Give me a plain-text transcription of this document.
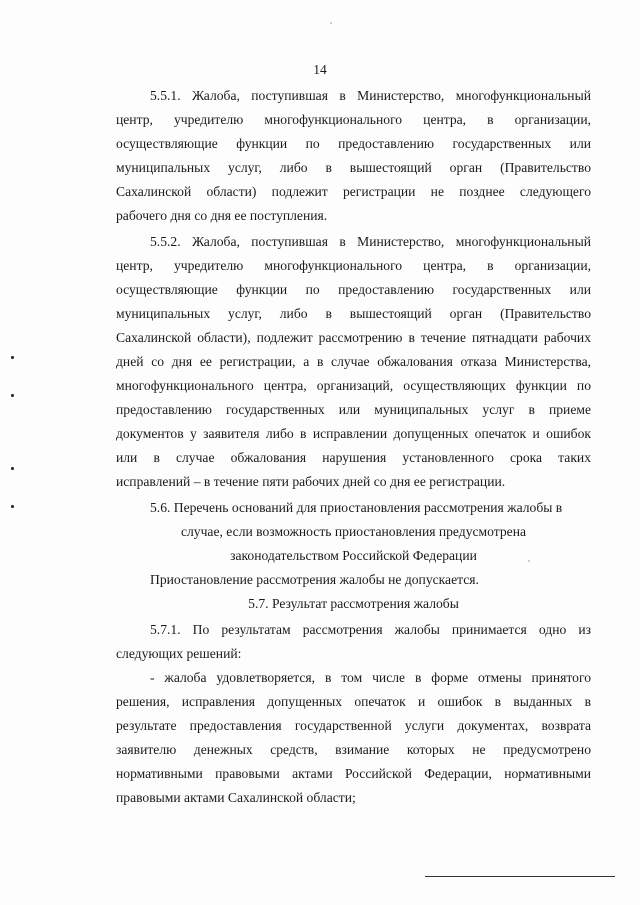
14
5.5.1. Жалоба, поступившая в Министерство, многофункциональный
центр, учредителю многофункционального центра, в организации,
осуществляющие функции по предоставлению государственных или
муниципальных услуг, либо в вышестоящий орган (Правительство
Сахалинской области) подлежит регистрации не позднее следующего
рабочего дня со дня ее поступления.
5.5.2. Жалоба, поступившая в Министерство, многофункциональный
центр, учредителю многофункционального центра, в организации,
осуществляющие функции по предоставлению государственных или
муниципальных услуг, либо в вышестоящий орган (Правительство
Сахалинской области), подлежит рассмотрению в течение пятнадцати рабочих
дней со дня ее регистрации, а в случае обжалования отказа Министерства,
многофункционального центра, организаций, осуществляющих функции по
предоставлению государственных или муниципальных услуг в приеме
документов у заявителя либо в исправлении допущенных опечаток и ошибок
или в случае обжалования нарушения установленного срока таких
исправлений – в течение пяти рабочих дней со дня ее регистрации.
5.6. Перечень оснований для приостановления рассмотрения жалобы в
случае, если возможность приостановления предусмотрена
законодательством Российской Федерации
Приостановление рассмотрения жалобы не допускается.
5.7. Результат рассмотрения жалобы
5.7.1. По результатам рассмотрения жалобы принимается одно из
следующих решений:
- жалоба удовлетворяется, в том числе в форме отмены принятого
решения, исправления допущенных опечаток и ошибок в выданных в
результате предоставления государственной услуги документах, возврата
заявителю денежных средств, взимание которых не предусмотрено
нормативными правовыми актами Российской Федерации, нормативными
правовыми актами Сахалинской области;
